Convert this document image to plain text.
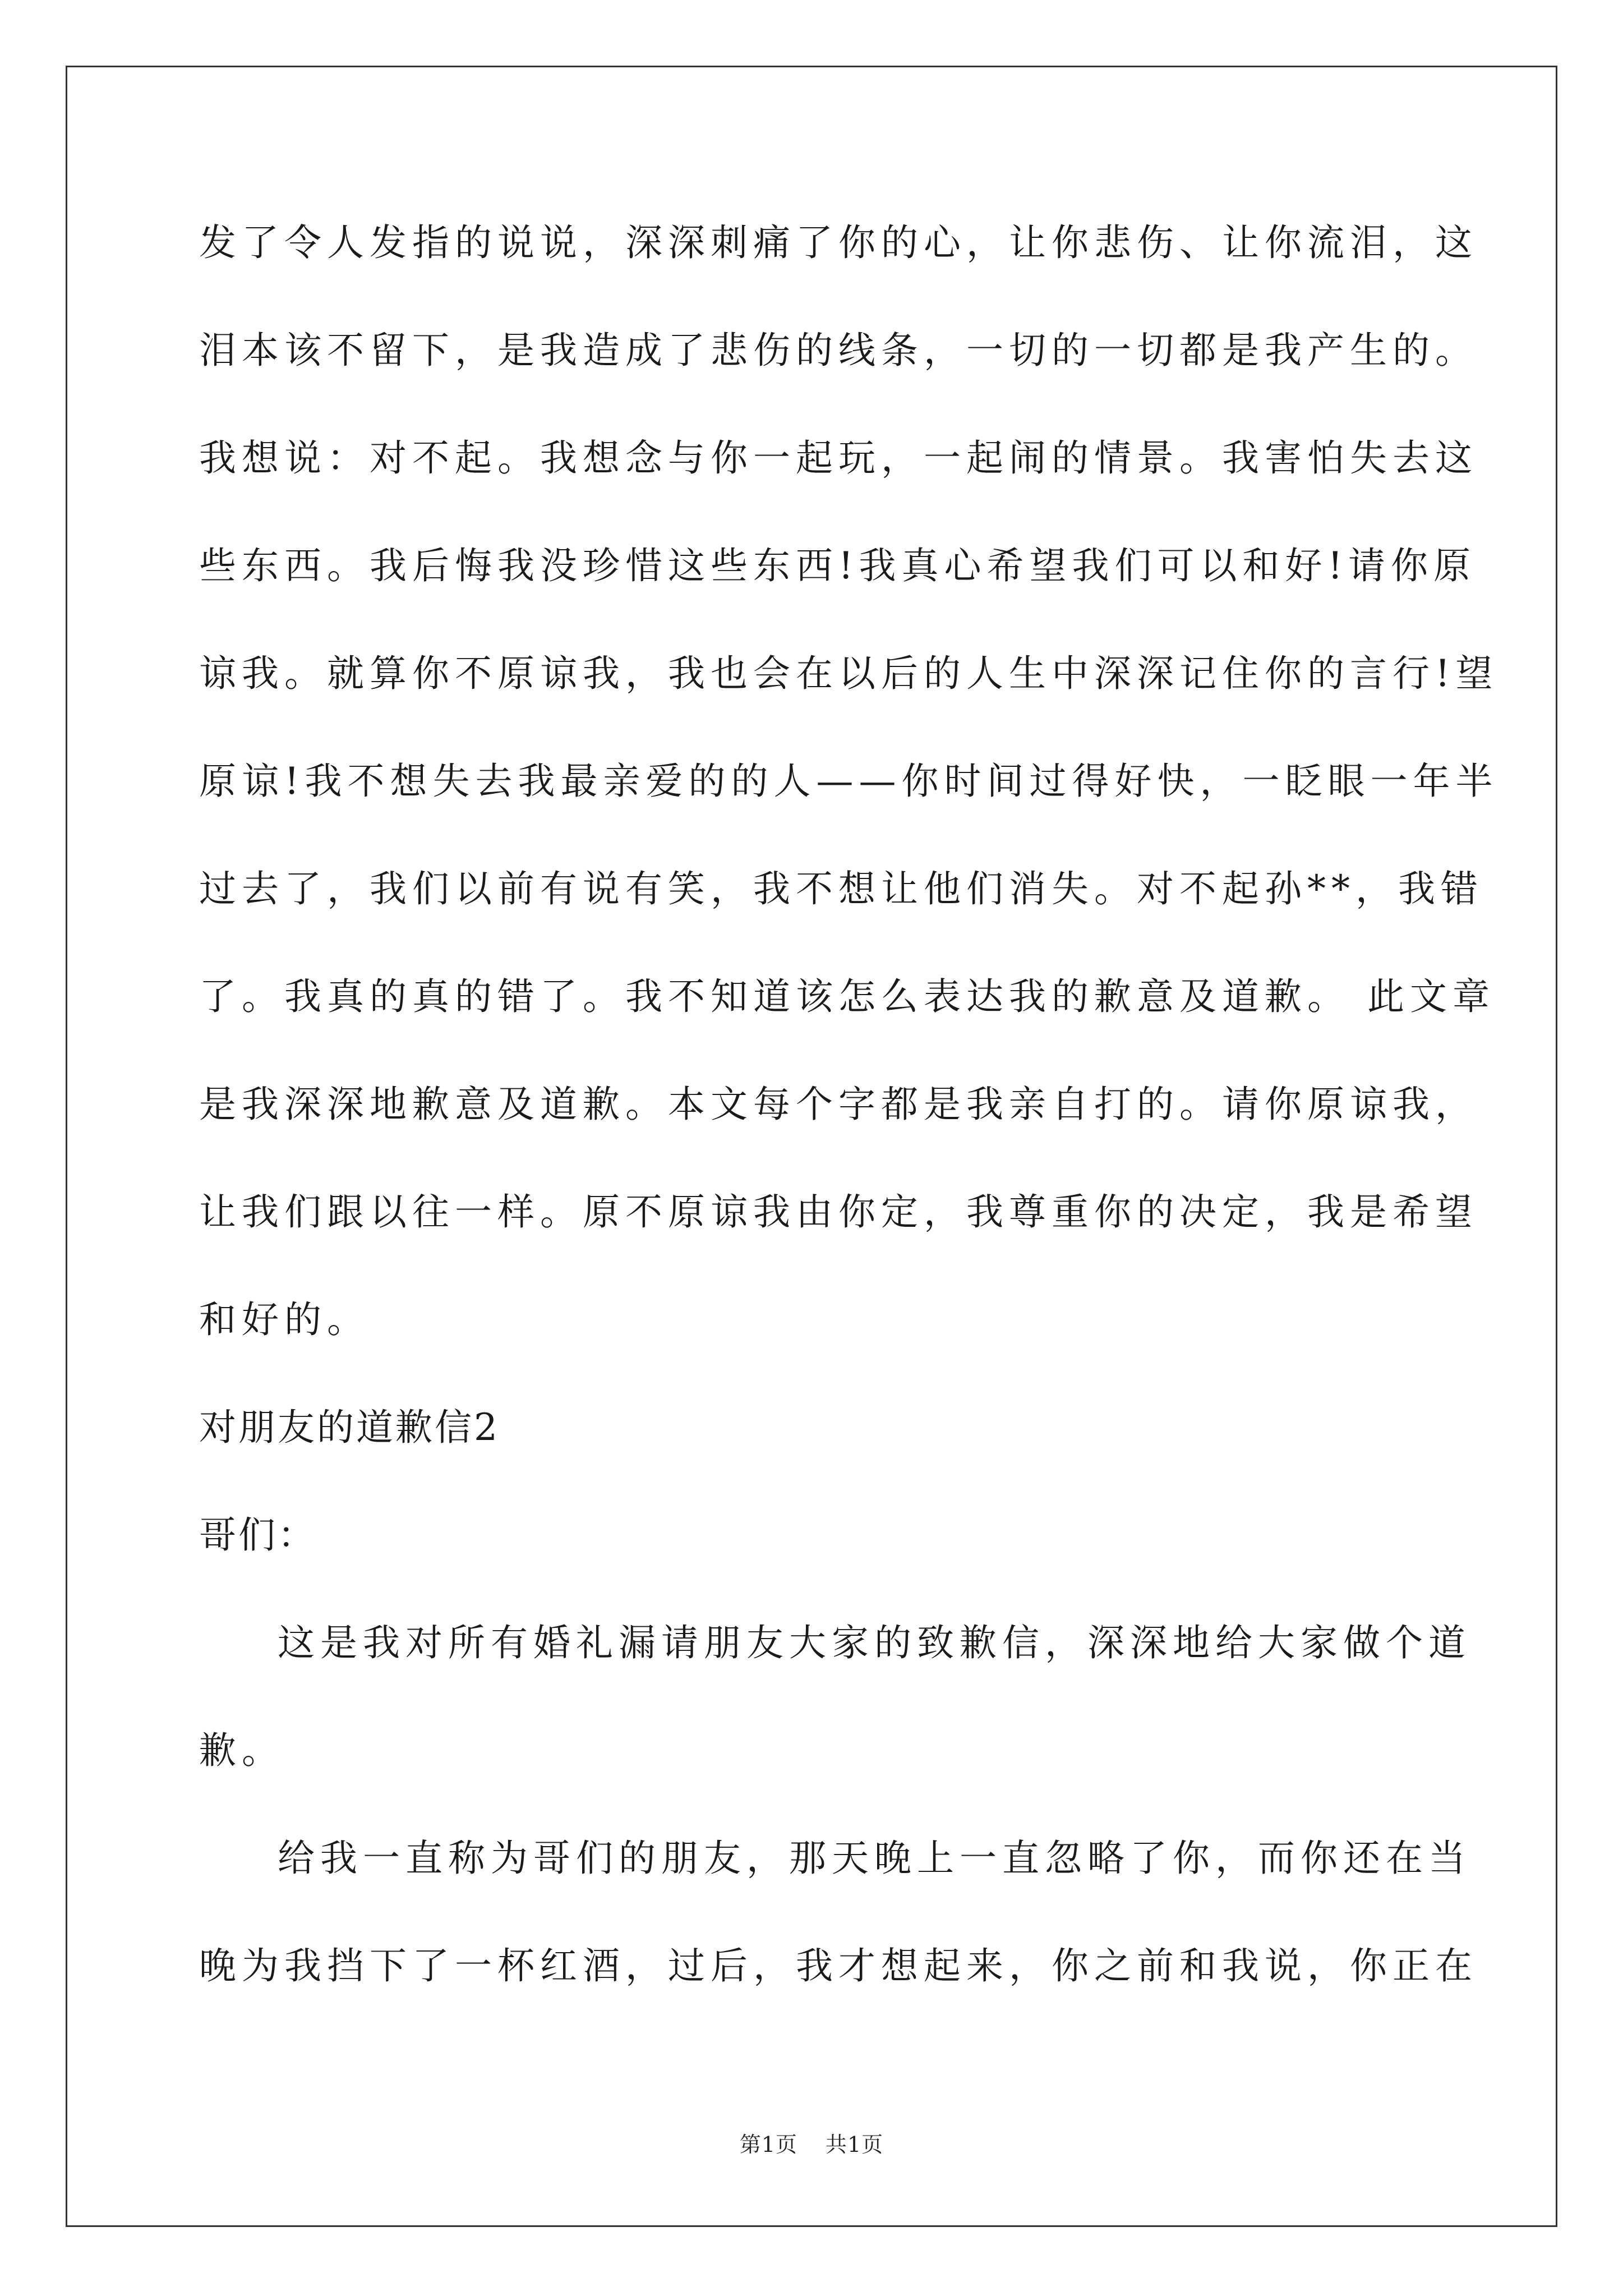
发了令人发指的说说，深深刺痛了你的心，让你悲伤、让你流泪，这
泪本该不留下，是我造成了悲伤的线条，一切的一切都是我产生的。
我想说：对不起。我想念与你一起玩，一起闹的情景。我害怕失去这
些东西。我后悔我没珍惜这些东西!我真心希望我们可以和好!请你原
谅我。就算你不原谅我，我也会在以后的人生中深深记住你的言行!望
原谅!我不想失去我最亲爱的的人——你时间过得好快，一眨眼一年半
过去了，我们以前有说有笑，我不想让他们消失。对不起孙**，我错
了。我真的真的错了。我不知道该怎么表达我的歉意及道歉。 此文章
是我深深地歉意及道歉。本文每个字都是我亲自打的。请你原谅我，
让我们跟以往一样。原不原谅我由你定，我尊重你的决定，我是希望
和好的。
对朋友的道歉信2
哥们：
这是我对所有婚礼漏请朋友大家的致歉信，深深地给大家做个道
歉。
给我一直称为哥们的朋友，那天晚上一直忽略了你，而你还在当
晚为我挡下了一杯红酒，过后，我才想起来，你之前和我说，你正在
第1页 共1页
